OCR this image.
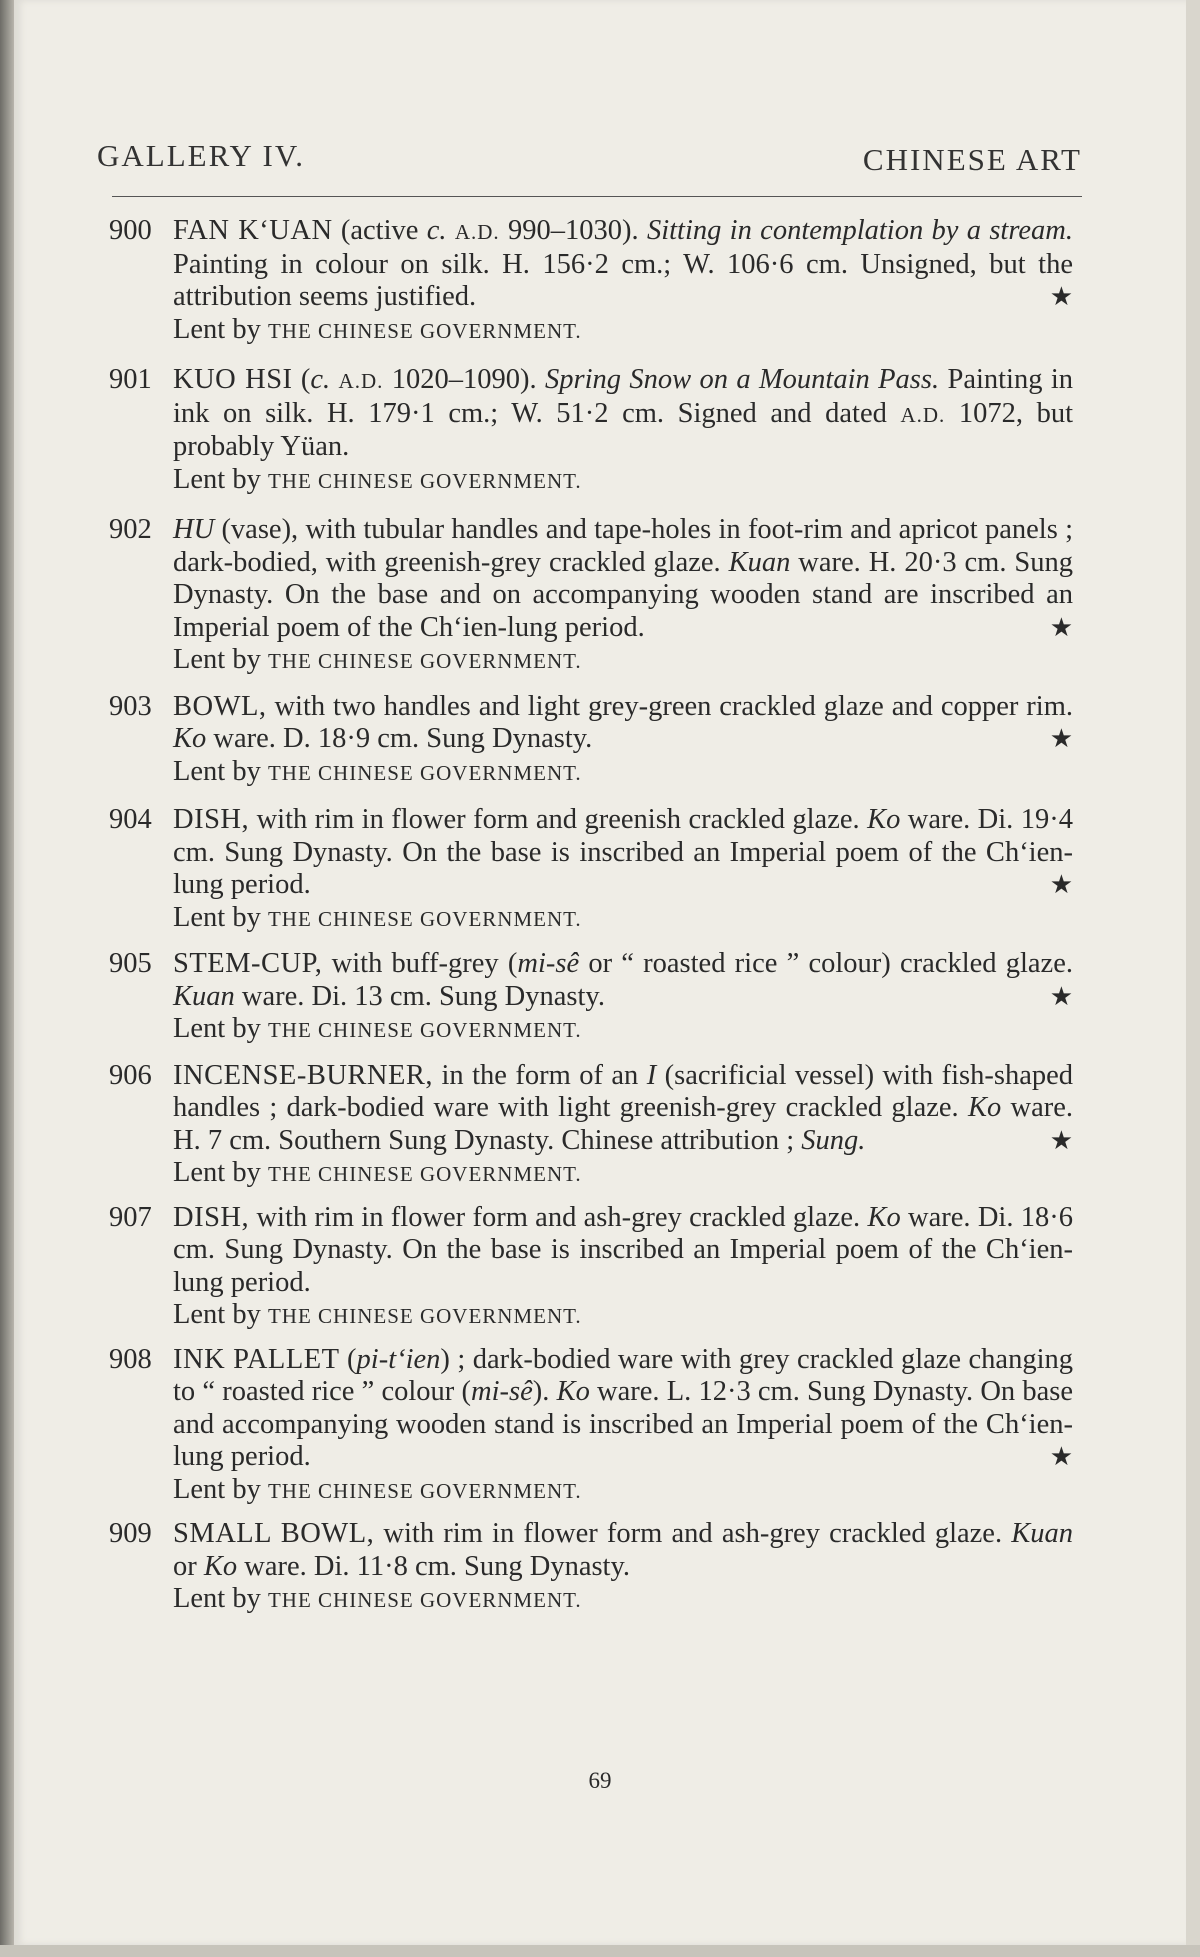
GALLERY IV.	CHINESE ART
900 FAN K‘UAN (active c. A.D. 990–1030). Sitting in contemplation by a stream. Painting in colour on silk. H. 156·2 cm.; W. 106·6 cm. Unsigned, but the attribution seems justified.	★
Lent by THE CHINESE GOVERNMENT.
901 KUO HSI (c. A.D. 1020–1090). Spring Snow on a Mountain Pass. Painting in ink on silk. H. 179·1 cm.; W. 51·2 cm. Signed and dated A.D. 1072, but probably Yüan.
Lent by THE CHINESE GOVERNMENT.
902 HU (vase), with tubular handles and tape-holes in foot-rim and apricot panels ; dark-bodied, with greenish-grey crackled glaze. Kuan ware. H. 20·3 cm. Sung Dynasty. On the base and on accompanying wooden stand are inscribed an Imperial poem of the Ch‘ien-lung period.	★
Lent by THE CHINESE GOVERNMENT.
903 BOWL, with two handles and light grey-green crackled glaze and copper rim. Ko ware. D. 18·9 cm. Sung Dynasty.	★
Lent by THE CHINESE GOVERNMENT.
904 DISH, with rim in flower form and greenish crackled glaze. Ko ware. Di. 19·4 cm. Sung Dynasty. On the base is inscribed an Imperial poem of the Ch‘ien-lung period.	★
Lent by THE CHINESE GOVERNMENT.
905 STEM-CUP, with buff-grey (mi-sê or “ roasted rice ” colour) crackled glaze. Kuan ware. Di. 13 cm. Sung Dynasty.	★
Lent by THE CHINESE GOVERNMENT.
906 INCENSE-BURNER, in the form of an I (sacrificial vessel) with fish-shaped handles ; dark-bodied ware with light greenish-grey crackled glaze. Ko ware. H. 7 cm. Southern Sung Dynasty. Chinese attribution ; Sung.	★
Lent by THE CHINESE GOVERNMENT.
907 DISH, with rim in flower form and ash-grey crackled glaze. Ko ware. Di. 18·6 cm. Sung Dynasty. On the base is inscribed an Imperial poem of the Ch‘ien-lung period.
Lent by THE CHINESE GOVERNMENT.
908 INK PALLET (pi-t‘ien) ; dark-bodied ware with grey crackled glaze changing to “ roasted rice ” colour (mi-sê). Ko ware. L. 12·3 cm. Sung Dynasty. On base and accompanying wooden stand is inscribed an Imperial poem of the Ch‘ien-lung period.	★
Lent by THE CHINESE GOVERNMENT.
909 SMALL BOWL, with rim in flower form and ash-grey crackled glaze. Kuan or Ko ware. Di. 11·8 cm. Sung Dynasty.
Lent by THE CHINESE GOVERNMENT.
69
